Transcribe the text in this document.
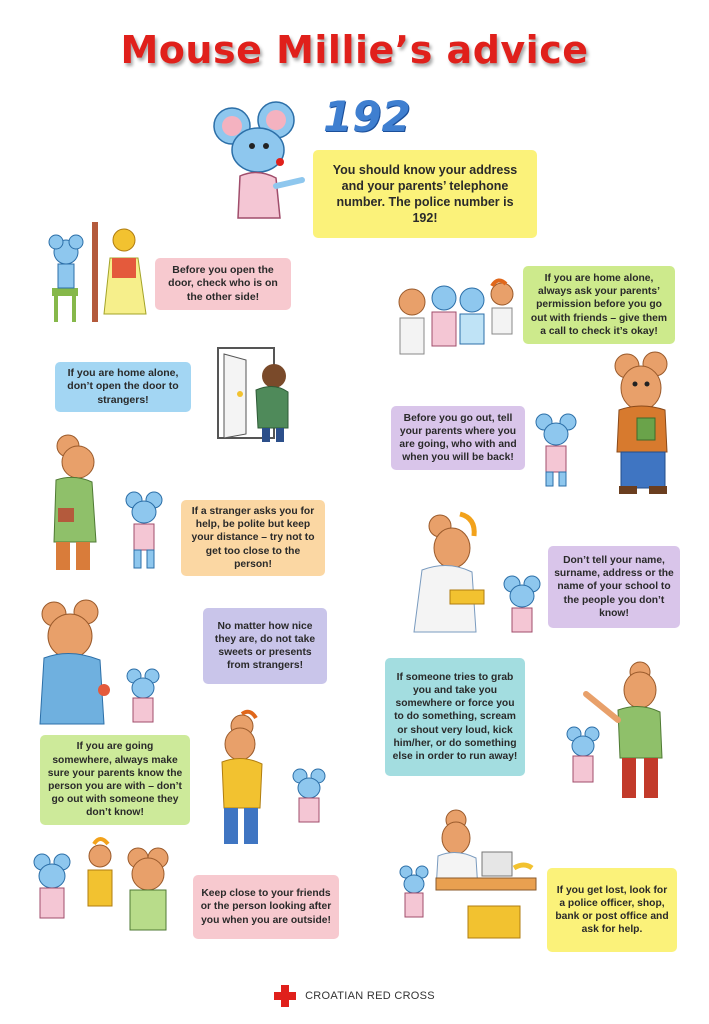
Mouse Millie’s advice
192
You should know your address and your parents’ telephone number. The police number is 192!
Before you open the door, check who is on the other side!
If you are home alone, always ask your parents’ permission before you go out with friends – give them a call to check it’s okay!
If you are home alone, don’t open the door to strangers!
Before you go out, tell your parents where you are going, who with and when you will be back!
If a stranger asks you for help, be polite but keep your distance – try not to get too close to the person!	Don’t tell your name, surname, address or the name of your school to the people you don’t know!
No matter how nice they are, do not take sweets or presents from strangers!
If someone tries to grab you and take you somewhere or force you to do something, scream or shout very loud, kick him/her, or do something else in order to run away!
If you are going somewhere, always make sure your parents know the person you are with – don’t go out with someone they don’t know!
Keep close to your friends or the person looking after you when you are outside!
If you get lost, look for a police officer, shop, bank or post office and ask for help.
CROATIAN RED CROSS
